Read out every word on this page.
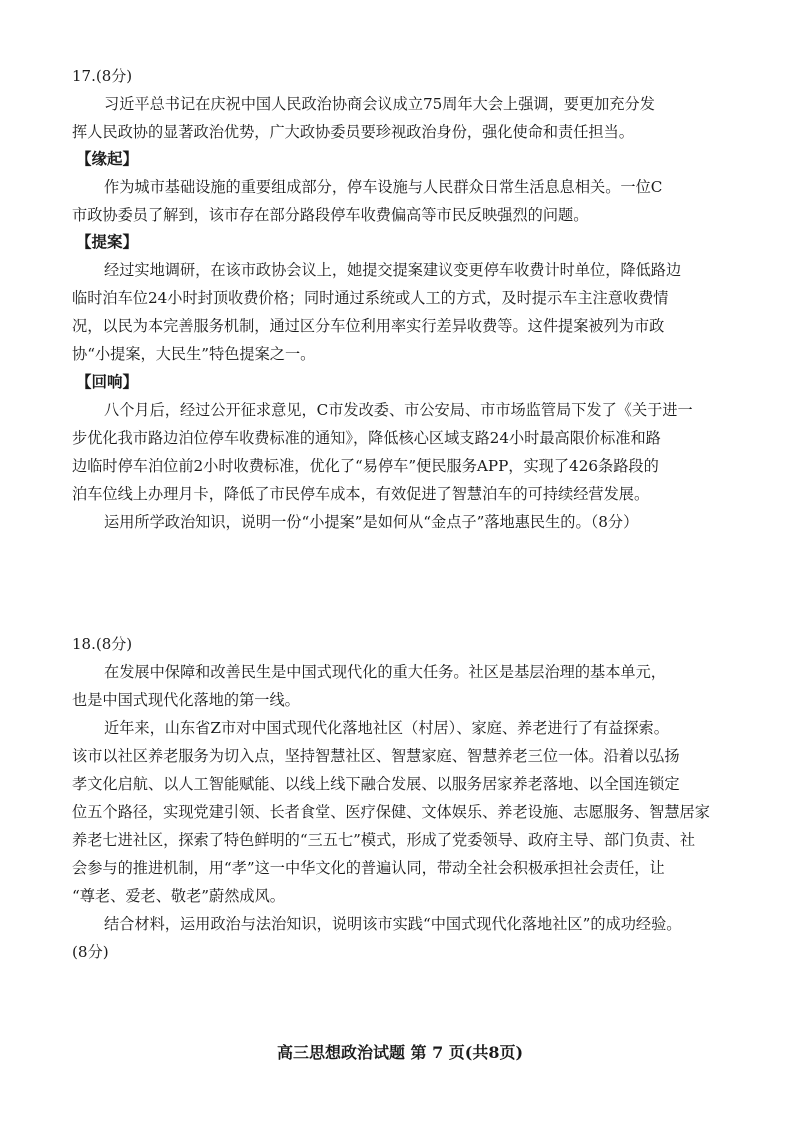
17.(8分)
习近平总书记在庆祝中国人民政治协商会议成立75周年大会上强调，要更加充分发
挥人民政协的显著政治优势，广大政协委员要珍视政治身份，强化使命和责任担当。
【缘起】
作为城市基础设施的重要组成部分，停车设施与人民群众日常生活息息相关。一位C
市政协委员了解到，该市存在部分路段停车收费偏高等市民反映强烈的问题。
【提案】
经过实地调研，在该市政协会议上，她提交提案建议变更停车收费计时单位，降低路边
临时泊车位24小时封顶收费价格；同时通过系统或人工的方式，及时提示车主注意收费情
况，以民为本完善服务机制，通过区分车位利用率实行差异收费等。这件提案被列为市政
协“小提案，大民生”特色提案之一。
【回响】
八个月后，经过公开征求意见，C市发改委、市公安局、市市场监管局下发了《关于进一
步优化我市路边泊位停车收费标准的通知》，降低核心区域支路24小时最高限价标准和路
边临时停车泊位前2小时收费标准，优化了“易停车”便民服务APP，实现了426条路段的
泊车位线上办理月卡，降低了市民停车成本，有效促进了智慧泊车的可持续经营发展。
运用所学政治知识，说明一份“小提案”是如何从“金点子”落地惠民生的。（8分）
18.(8分)
在发展中保障和改善民生是中国式现代化的重大任务。社区是基层治理的基本单元，
也是中国式现代化落地的第一线。
近年来，山东省Z市对中国式现代化落地社区（村居）、家庭、养老进行了有益探索。
该市以社区养老服务为切入点，坚持智慧社区、智慧家庭、智慧养老三位一体。沿着以弘扬
孝文化启航、以人工智能赋能、以线上线下融合发展、以服务居家养老落地、以全国连锁定
位五个路径，实现党建引领、长者食堂、医疗保健、文体娱乐、养老设施、志愿服务、智慧居家
养老七进社区，探索了特色鲜明的“三五七”模式，形成了党委领导、政府主导、部门负责、社
会参与的推进机制，用“孝”这一中华文化的普遍认同，带动全社会积极承担社会责任，让
“尊老、爱老、敬老”蔚然成风。
结合材料，运用政治与法治知识，说明该市实践“中国式现代化落地社区”的成功经验。
(8分)
高三思想政治试题 第 7 页(共8页)
